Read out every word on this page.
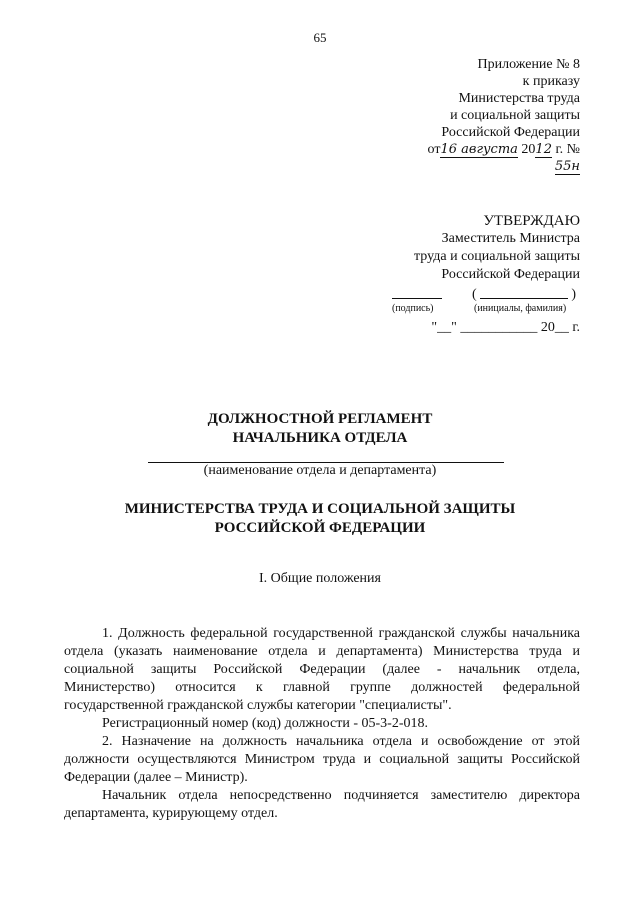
65
Приложение № 8
к приказу
Министерства труда
и социальной защиты
Российской Федерации
от16 августа 2012 г. № 55н
УТВЕРЖДАЮ
Заместитель Министра
труда и социальной защиты
Российской Федерации
(	)
(подпись)	(инициалы, фамилия)
"__" ___________ 20__ г.
ДОЛЖНОСТНОЙ РЕГЛАМЕНТ
НАЧАЛЬНИКА ОТДЕЛА
(наименование отдела и департамента)
МИНИСТЕРСТВА ТРУДА И СОЦИАЛЬНОЙ ЗАЩИТЫ
РОССИЙСКОЙ ФЕДЕРАЦИИ
I. Общие положения

1. Должность федеральной государственной гражданской службы начальника отдела (указать наименование отдела и департамента) Министерства труда и социальной защиты Российской Федерации (далее - начальник отдела, Министерство) относится к главной группе должностей федеральной государственной гражданской службы категории "специалисты".

Регистрационный номер (код) должности - 05-3-2-018.

2. Назначение на должность начальника отдела и освобождение от этой должности осуществляются Министром труда и социальной защиты Российской Федерации (далее – Министр).

Начальник отдела непосредственно подчиняется заместителю директора департамента, курирующему отдел.
